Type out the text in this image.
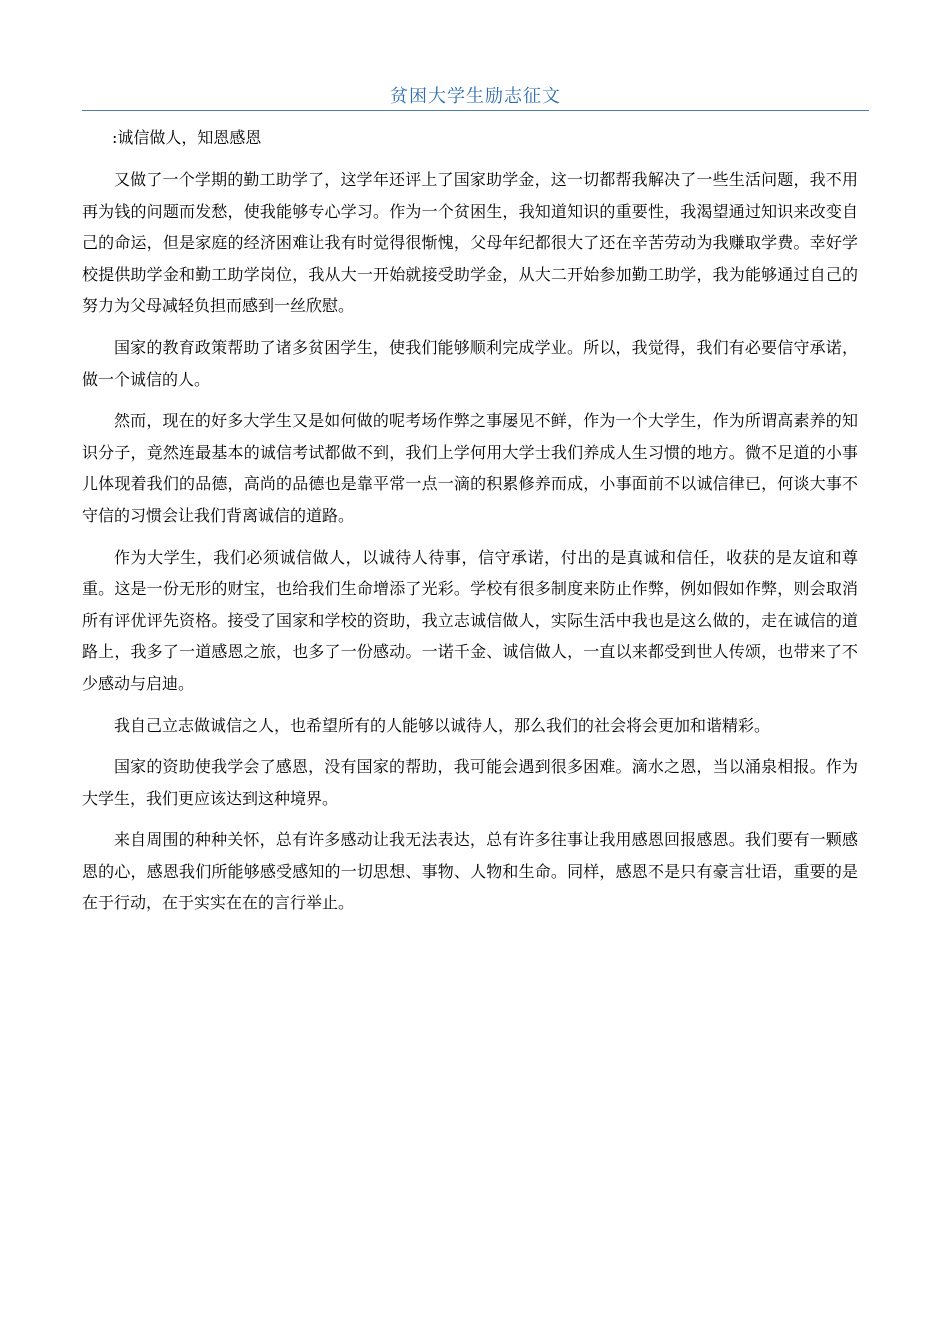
贫困大学生励志征文

:诚信做人，知恩感恩

又做了一个学期的勤工助学了，这学年还评上了国家助学金，这一切都帮我解决了一些生活问题，我不用再为钱的问题而发愁，使我能够专心学习。作为一个贫困生，我知道知识的重要性，我渴望通过知识来改变自己的命运，但是家庭的经济困难让我有时觉得很惭愧，父母年纪都很大了还在辛苦劳动为我赚取学费。幸好学校提供助学金和勤工助学岗位，我从大一开始就接受助学金，从大二开始参加勤工助学，我为能够通过自己的努力为父母减轻负担而感到一丝欣慰。

国家的教育政策帮助了诸多贫困学生，使我们能够顺利完成学业。所以，我觉得，我们有必要信守承诺，做一个诚信的人。

然而，现在的好多大学生又是如何做的呢考场作弊之事屡见不鲜，作为一个大学生，作为所谓高素养的知识分子，竟然连最基本的诚信考试都做不到，我们上学何用大学士我们养成人生习惯的地方。微不足道的小事儿体现着我们的品德，高尚的品德也是靠平常一点一滴的积累修养而成，小事面前不以诚信律已，何谈大事不守信的习惯会让我们背离诚信的道路。

作为大学生，我们必须诚信做人，以诚待人待事，信守承诺，付出的是真诚和信任，收获的是友谊和尊重。这是一份无形的财宝，也给我们生命增添了光彩。学校有很多制度来防止作弊，例如假如作弊，则会取消所有评优评先资格。接受了国家和学校的资助，我立志诚信做人，实际生活中我也是这么做的，走在诚信的道路上，我多了一道感恩之旅，也多了一份感动。一诺千金、诚信做人，一直以来都受到世人传颂，也带来了不少感动与启迪。

我自己立志做诚信之人，也希望所有的人能够以诚待人，那么我们的社会将会更加和谐精彩。

国家的资助使我学会了感恩，没有国家的帮助，我可能会遇到很多困难。滴水之恩，当以涌泉相报。作为大学生，我们更应该达到这种境界。

来自周围的种种关怀，总有许多感动让我无法表达，总有许多往事让我用感恩回报感恩。我们要有一颗感恩的心，感恩我们所能够感受感知的一切思想、事物、人物和生命。同样，感恩不是只有豪言壮语，重要的是在于行动，在于实实在在的言行举止。
